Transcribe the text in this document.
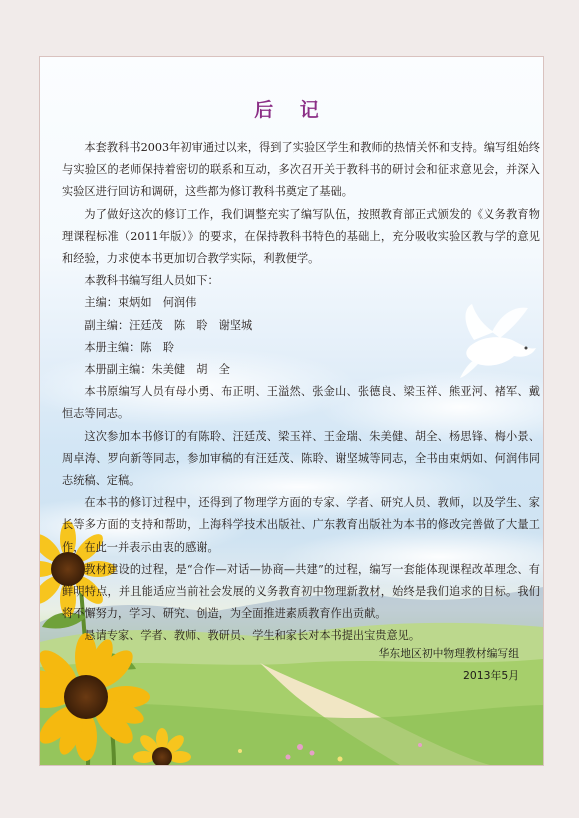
后 记

本套教科书2003年初审通过以来，得到了实验区学生和教师的热情关怀和支持。编写组始终与实验区的老师保持着密切的联系和互动，多次召开关于教科书的研讨会和征求意见会，并深入实验区进行回访和调研，这些都为修订教科书奠定了基础。

为了做好这次的修订工作，我们调整充实了编写队伍，按照教育部正式颁发的《义务教育物理课程标准（2011年版）》的要求，在保持教科书特色的基础上，充分吸收实验区教与学的意见和经验，力求使本书更加切合教学实际，利教便学。

本教科书编写组人员如下：

主编：束炳如　何润伟

副主编：汪廷茂　陈　聆　谢坚城

本册主编：陈　聆

本册副主编：朱美健　胡　全

本书原编写人员有母小勇、布正明、王溢然、张金山、张德良、梁玉祥、熊亚河、褚军、戴恒志等同志。

这次参加本书修订的有陈聆、汪廷茂、梁玉祥、王金瑞、朱美健、胡全、杨思锋、梅小景、周卓涛、罗向新等同志，参加审稿的有汪廷茂、陈聆、谢坚城等同志，全书由束炳如、何润伟同志统稿、定稿。

在本书的修订过程中，还得到了物理学方面的专家、学者、研究人员、教师，以及学生、家长等多方面的支持和帮助，上海科学技术出版社、广东教育出版社为本书的修改完善做了大量工作，在此一并表示由衷的感谢。

教材建设的过程，是“合作—对话—协商—共建”的过程，编写一套能体现课程改革理念、有鲜明特点，并且能适应当前社会发展的义务教育初中物理新教材，始终是我们追求的目标。我们将不懈努力，学习、研究、创造，为全面推进素质教育作出贡献。

恳请专家、学者、教师、教研员、学生和家长对本书提出宝贵意见。

华东地区初中物理教材编写组
2013年5月
